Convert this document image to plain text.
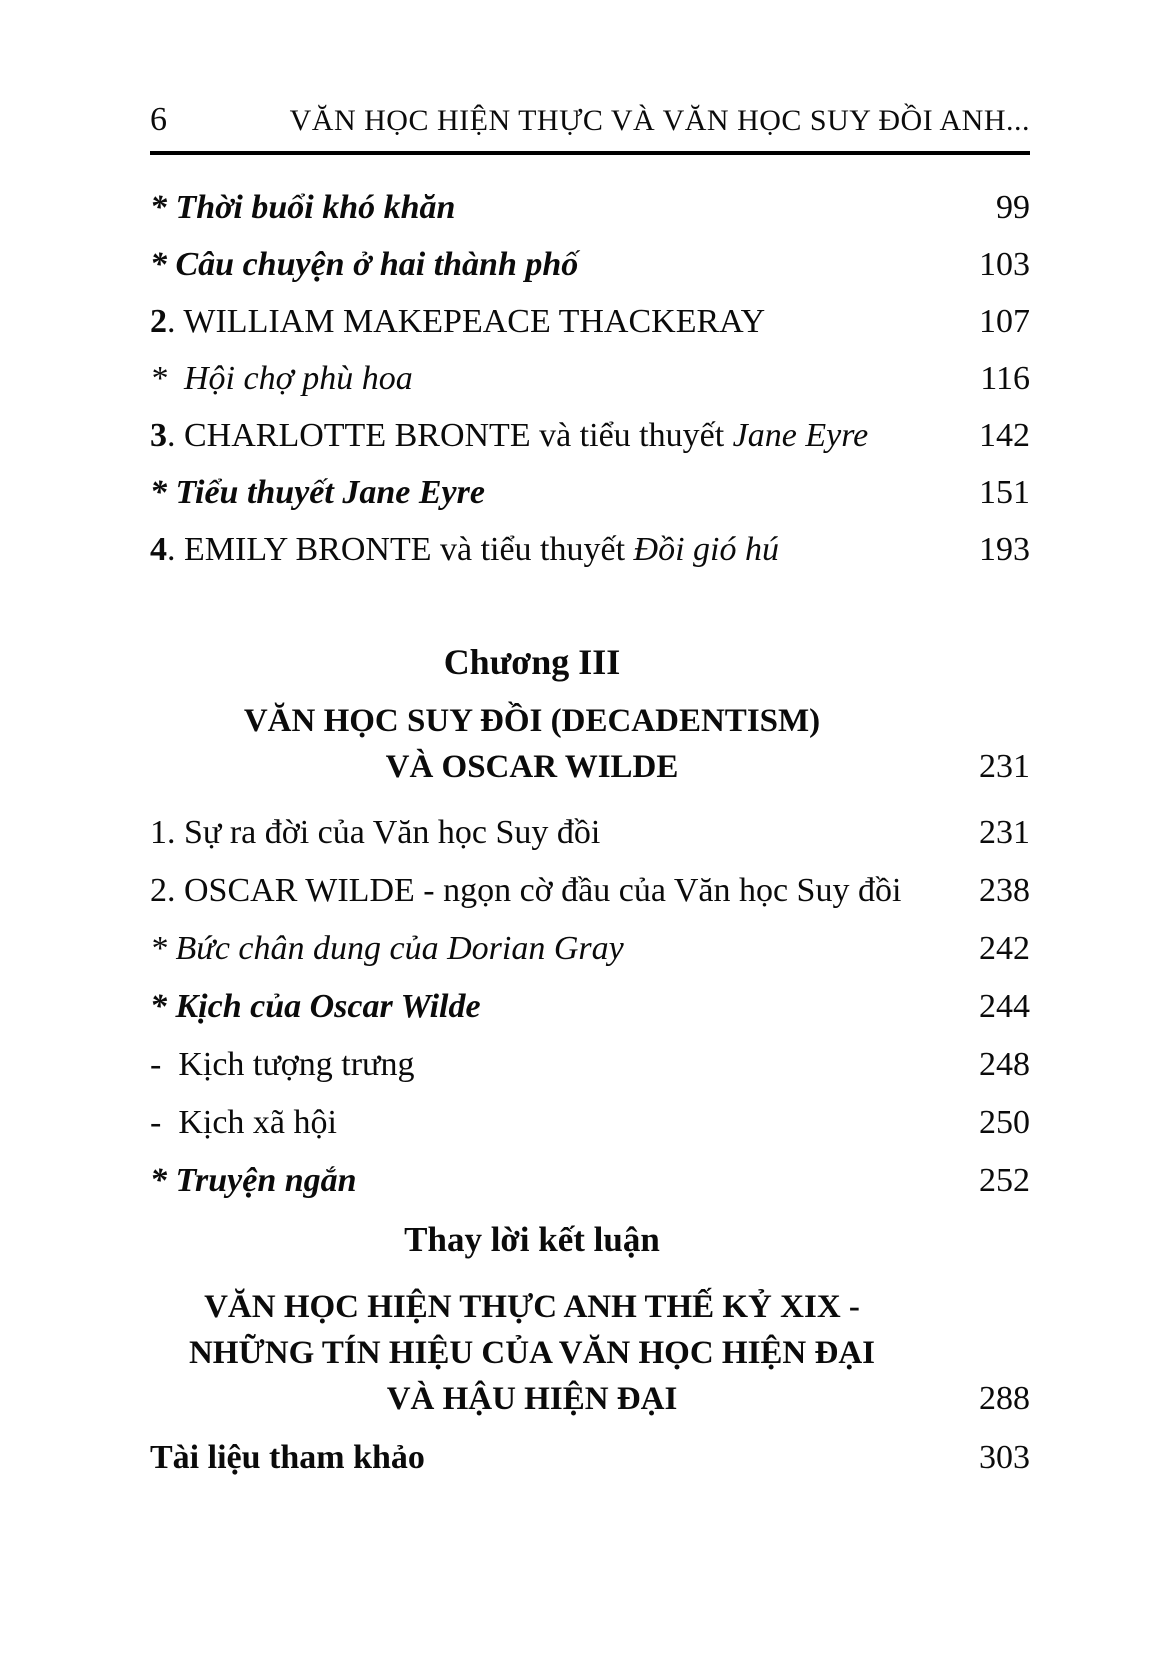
6	VĂN HỌC HIỆN THỰC VÀ VĂN HỌC SUY ĐỒI ANH...
* Thời buổi khó khăn	99
* Câu chuyện ở hai thành phố	103
2. WILLIAM MAKEPEACE THACKERAY	107
*  Hội chợ phù hoa	116
3. CHARLOTTE BRONTE và tiểu thuyết Jane Eyre	142
* Tiểu thuyết Jane Eyre	151
4. EMILY BRONTE và tiểu thuyết Đồi gió hú	193
Chương III
VĂN HỌC SUY ĐỒI (DECADENTISM)
VÀ OSCAR WILDE	231
1. Sự ra đời của Văn học Suy đồi	231
2. OSCAR WILDE - ngọn cờ đầu của Văn học Suy đồi 238
* Bức chân dung của Dorian Gray	242
* Kịch của Oscar Wilde	244
-  Kịch tượng trưng	248
-  Kịch xã hội	250
* Truyện ngắn	252
Thay lời kết luận
VĂN HỌC HIỆN THỰC ANH THẾ KỶ XIX -
NHỮNG TÍN HIỆU CỦA VĂN HỌC HIỆN ĐẠI
VÀ HẬU HIỆN ĐẠI	288
Tài liệu tham khảo	303
